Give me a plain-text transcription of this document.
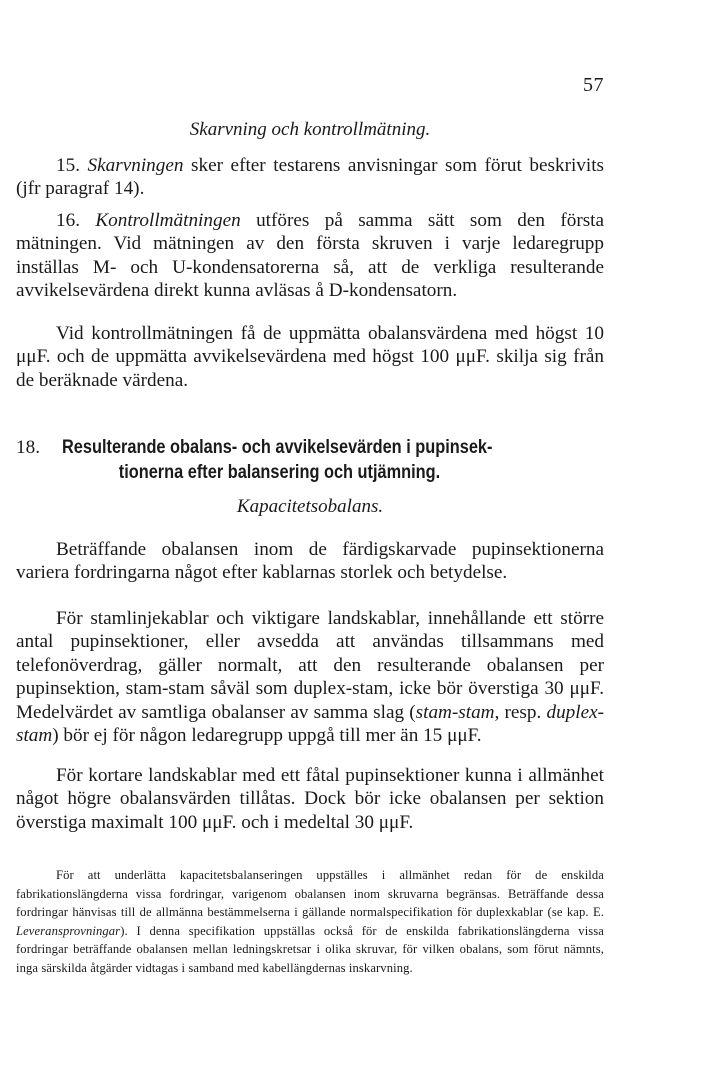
57
Skarvning och kontrollmätning.

15. Skarvningen sker efter testarens anvisningar som förut beskrivits (jfr paragraf 14).

16. Kontrollmätningen utföres på samma sätt som den första mätningen. Vid mätningen av den första skruven i varje ledaregrupp inställas M- och U-kondensatorerna så, att de verkliga resulterande avvikelsevärdena direkt kunna avläsas å D-kondensatorn.

Vid kontrollmätningen få de uppmätta obalansvärdena med högst 10 μμF. och de uppmätta avvikelsevärdena med högst 100 μμF. skilja sig från de beräknade värdena.

18. Resulterande obalans- och avvikelsevärden i pupinsek-
tionerna efter balansering och utjämning.
Kapacitetsobalans.

Beträffande obalansen inom de färdigskarvade pupinsektionerna variera fordringarna något efter kablarnas storlek och betydelse.

För stamlinjekablar och viktigare landskablar, innehållande ett större antal pupinsektioner, eller avsedda att användas tillsammans med telefonöverdrag, gäller normalt, att den resulterande obalansen per pupinsektion, stam-stam såväl som duplex-stam, icke bör överstiga 30 μμF. Medelvärdet av samtliga obalanser av samma slag (stam-stam, resp. duplex-stam) bör ej för någon ledaregrupp uppgå till mer än 15 μμF.

För kortare landskablar med ett fåtal pupinsektioner kunna i allmänhet något högre obalansvärden tillåtas. Dock bör icke obalansen per sektion överstiga maximalt 100 μμF. och i medeltal 30 μμF.

För att underlätta kapacitetsbalanseringen uppställes i allmänhet redan för de enskilda fabrikationslängderna vissa fordringar, varigenom obalansen inom skruvarna begränsas. Beträffande dessa fordringar hänvisas till de allmänna bestämmelserna i gällande normalspecifikation för duplexkablar (se kap. E. Leveransprovningar). I denna specifikation uppställas också för de enskilda fabrikationslängderna vissa fordringar beträffande obalansen mellan ledningskretsar i olika skruvar, för vilken obalans, som förut nämnts, inga särskilda åtgärder vidtagas i samband med kabellängdernas inskarvning.
